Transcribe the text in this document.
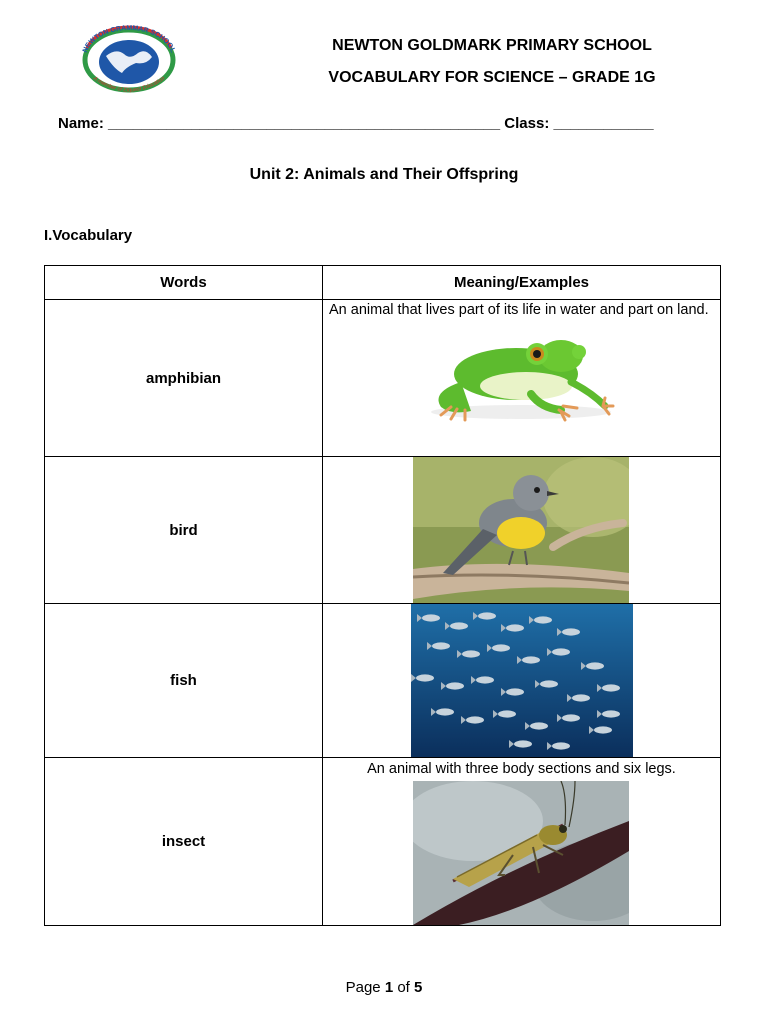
NEWTON GRAMMAR SCHOOL
A member of Elquest Education
NEWTON GOLDMARK PRIMARY SCHOOL
VOCABULARY FOR SCIENCE – GRADE 1G
Name: _______________________________________________ Class: ____________
Unit 2: Animals and Their Offspring
I.Vocabulary
Words	Meaning/Examples
amphibian	An animal that lives part of its life in water and part on land.

bird	

fish	

insect	An animal with three body sections and six legs.
Page 1 of 5
